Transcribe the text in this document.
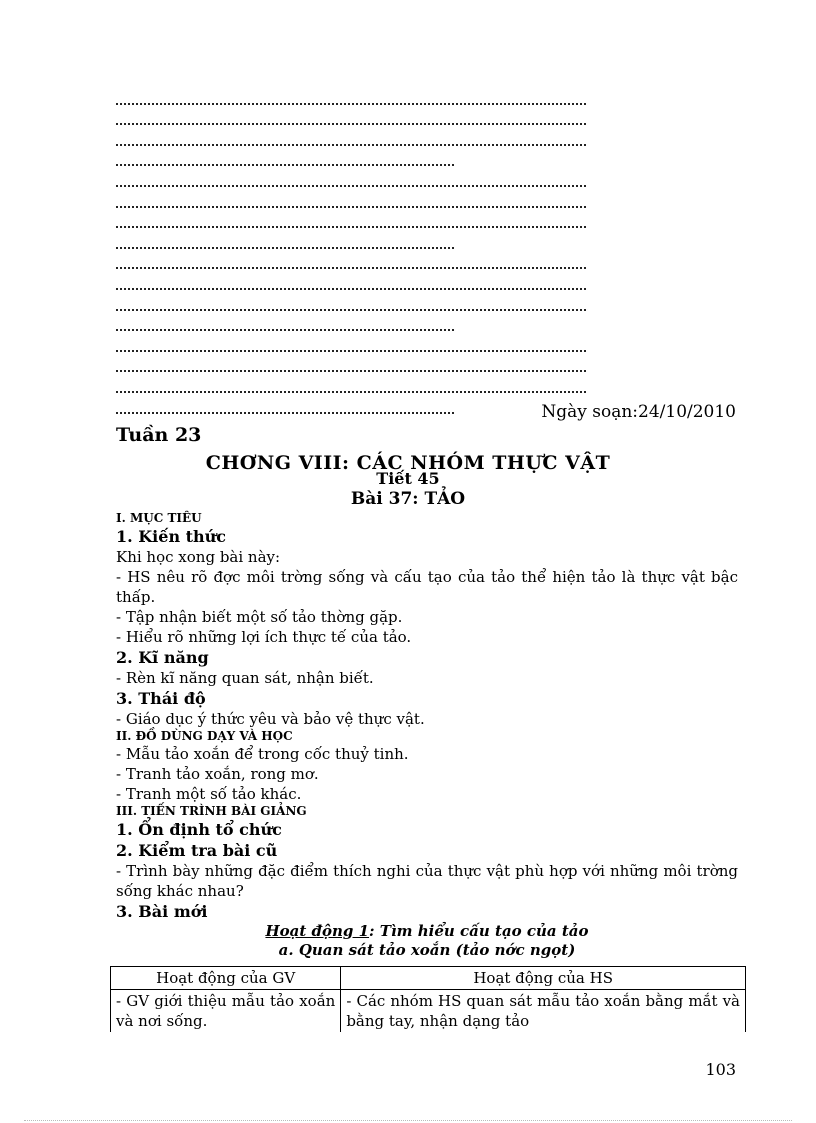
Ngày soạn:24/10/2010
Tuần 23
CHƠNG VIII: CÁC NHÓM THỰC VẬT
Tiết 45
Bài 37: TẢO

I. MỤC TIÊU

1. Kiến thức

Khi học xong bài này:

- HS nêu rõ đợc môi trờng sống và cấu tạo của tảo thể hiện tảo là thực vật bậc thấp.

- Tập nhận biết một số tảo thờng gặp.

- Hiểu rõ những lợi ích thực tế của tảo.

2. Kĩ năng

- Rèn kĩ năng quan sát, nhận biết.

3. Thái độ

- Giáo dục ý thức yêu và bảo vệ thực vật.

II. ĐỒ DÙNG DẠY VÀ HỌC

- Mẫu tảo xoắn để trong cốc thuỷ tinh.

- Tranh tảo xoắn, rong mơ.

- Tranh một số tảo khác.

III. TIẾN TRÌNH BÀI GIẢNG

1. Ổn định tổ chức

2. Kiểm tra bài cũ

- Trình bày những đặc điểm thích nghi của thực vật phù hợp với những môi trờng sống khác nhau?

3. Bài mới

Hoạt động 1: Tìm hiểu cấu tạo của tảo

a. Quan sát tảo xoắn (tảo nớc ngọt)

Hoạt động của GV	Hoạt động của HS
- GV giới thiệu mẫu tảo xoắn và nơi sống.	- Các nhóm HS quan sát mẫu tảo xoắn bằng mắt và bằng tay, nhận dạng tảo
103
